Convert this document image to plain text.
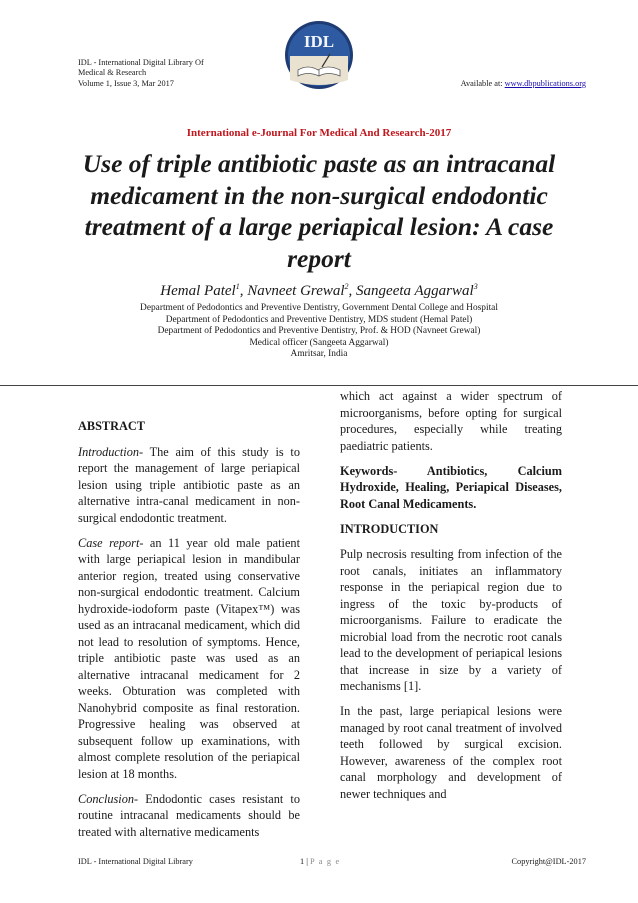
IDL - International Digital Library Of
Medical & Research
Volume 1, Issue 3, Mar 2017
IDL
Available at: www.dbpublications.org
International e-Journal For Medical And Research-2017
Use of triple antibiotic paste as an intracanal medicament in the non-surgical endodontic treatment of a large periapical lesion: A case report
Hemal Patel$^1$, Navneet Grewal$^2$, Sangeeta Aggarwal$^3$
Department of Pedodontics and Preventive Dentistry, Government Dental College and Hospital
Department of Pedodontics and Preventive Dentistry, MDS student (Hemal Patel)
Department of Pedodontics and Preventive Dentistry, Prof. & HOD (Navneet Grewal)
Medical officer (Sangeeta Aggarwal)
Amritsar, India
ABSTRACT

Introduction- The aim of this study is to report the management of large periapical lesion using triple antibiotic paste as an alternative intra-canal medicament in non-surgical endodontic treatment.

Case report- an 11 year old male patient with large periapical lesion in mandibular anterior region, treated using conservative non-surgical endodontic treatment. Calcium hydroxide-iodoform paste (Vitapex™) was used as an intracanal medicament, which did not lead to resolution of symptoms. Hence, triple antibiotic paste was used as an alternative intracanal medicament for 2 weeks. Obturation was completed with Nanohybrid composite as final restoration. Progressive healing was observed at subsequent follow up examinations, with almost complete resolution of the periapical lesion at 18 months.

Conclusion- Endodontic cases resistant to routine intracanal medicaments should be treated with alternative medicaments

which act against a wider spectrum of microorganisms, before opting for surgical procedures, especially while treating paediatric patients.

Keywords- Antibiotics, Calcium Hydroxide, Healing, Periapical Diseases, Root Canal Medicaments.

INTRODUCTION

Pulp necrosis resulting from infection of the root canals, initiates an inflammatory response in the periapical region due to ingress of the toxic by-products of microorganisms. Failure to eradicate the microbial load from the necrotic root canals lead to the development of periapical lesions that increase in size by a variety of mechanisms [1].

In the past, large periapical lesions were managed by root canal treatment of involved teeth followed by surgical excision. However, awareness of the complex root canal morphology and development of newer techniques and

IDL - International Digital Library	1 | P a g e	Copyright@IDL-2017
